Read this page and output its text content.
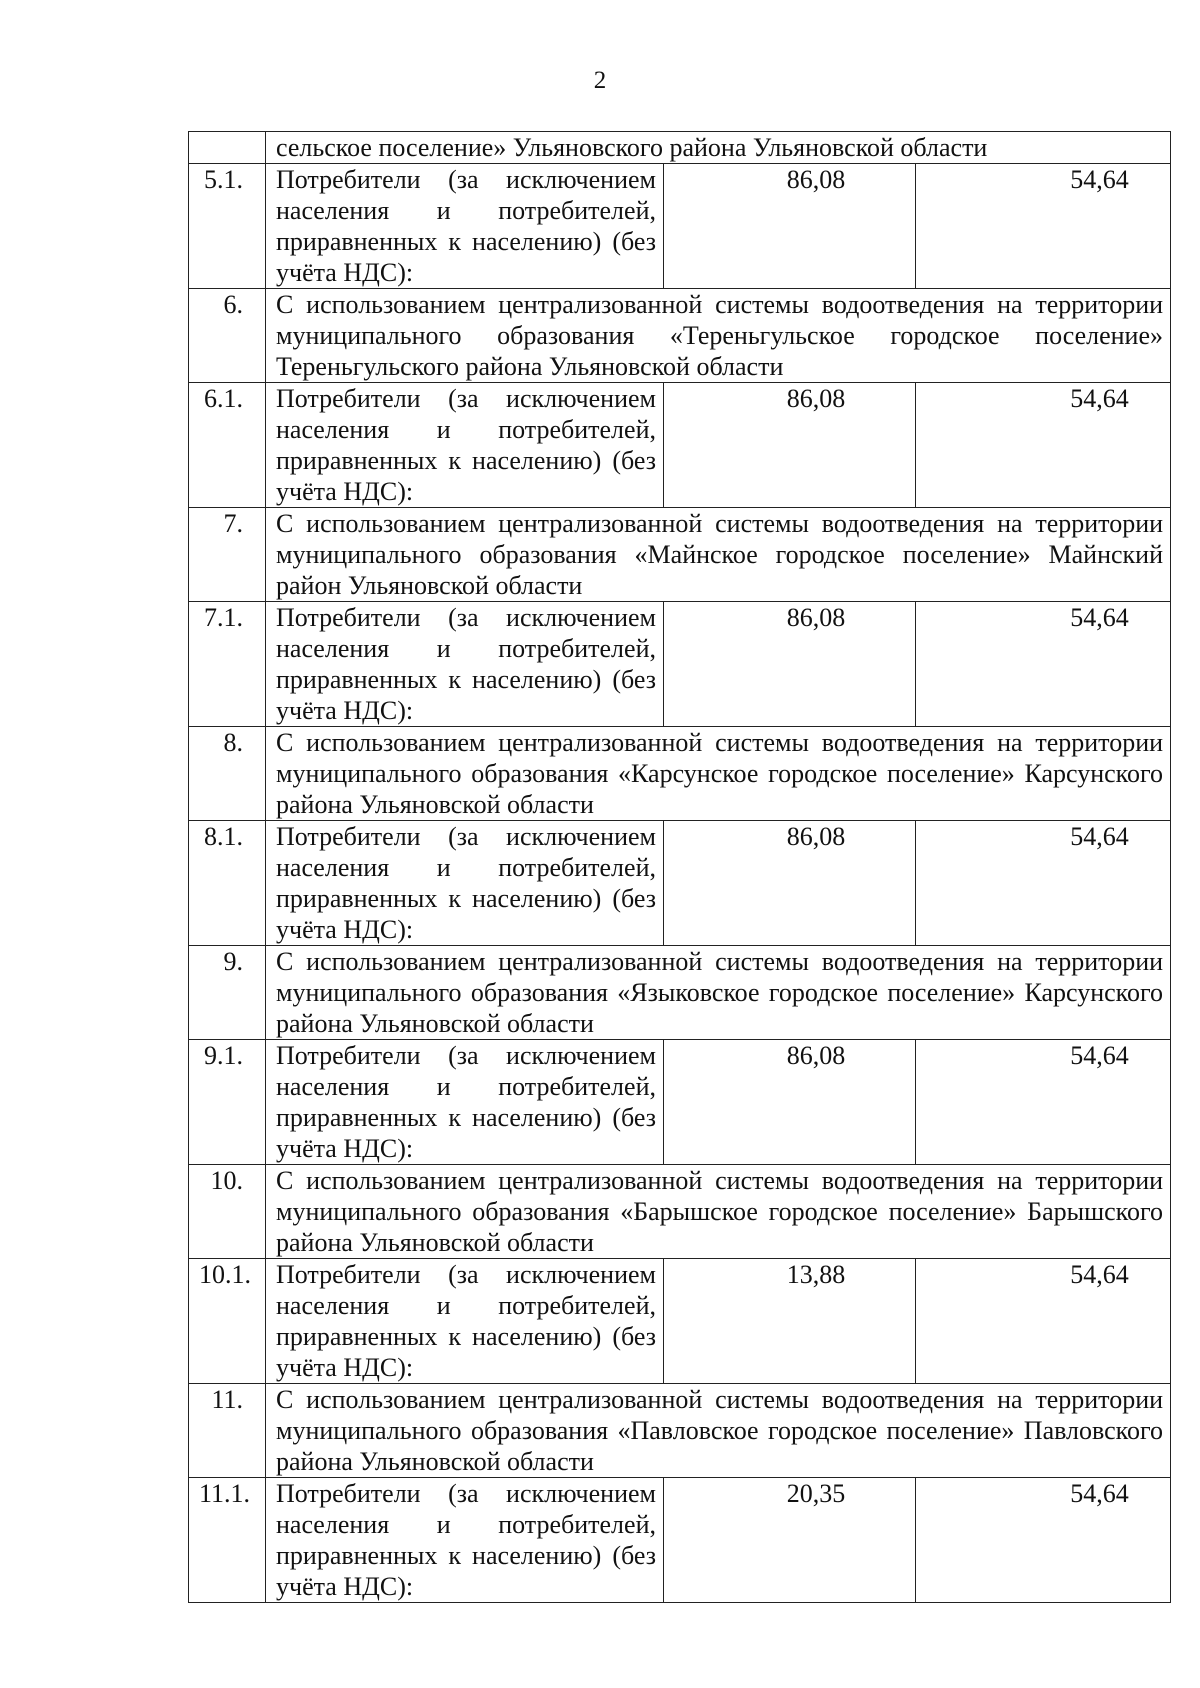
2
	сельское поселение» Ульяновского района Ульяновской области		
5.1.	Потребители (за исключением населения и потребителей, приравненных к населению) (без учёта НДС):	86,08	54,64
6.	С использованием централизованной системы водоотведения на территории муниципального образования «Тереньгульское городское поселение» Тереньгульского района Ульяновской области		
6.1.	Потребители (за исключением населения и потребителей, приравненных к населению) (без учёта НДС):	86,08	54,64
7.	С использованием централизованной системы водоотведения на территории муниципального образования «Майнское городское поселение» Майнский район Ульяновской области		
7.1.	Потребители (за исключением населения и потребителей, приравненных к населению) (без учёта НДС):	86,08	54,64
8.	С использованием централизованной системы водоотведения на территории муниципального образования «Карсунское городское поселение» Карсунского района Ульяновской области		
8.1.	Потребители (за исключением населения и потребителей, приравненных к населению) (без учёта НДС):	86,08	54,64
9.	С использованием централизованной системы водоотведения на территории муниципального образования «Языковское городское поселение» Карсунского района Ульяновской области		
9.1.	Потребители (за исключением населения и потребителей, приравненных к населению) (без учёта НДС):	86,08	54,64
10.	С использованием централизованной системы водоотведения на территории муниципального образования «Барышское городское поселение» Барышского района Ульяновской области		
10.1.	Потребители (за исключением населения и потребителей, приравненных к населению) (без учёта НДС):	13,88	54,64
11.	С использованием централизованной системы водоотведения на территории муниципального образования «Павловское городское поселение» Павловского района Ульяновской области		
11.1.	Потребители (за исключением населения и потребителей, приравненных к населению) (без учёта НДС):	20,35	54,64
